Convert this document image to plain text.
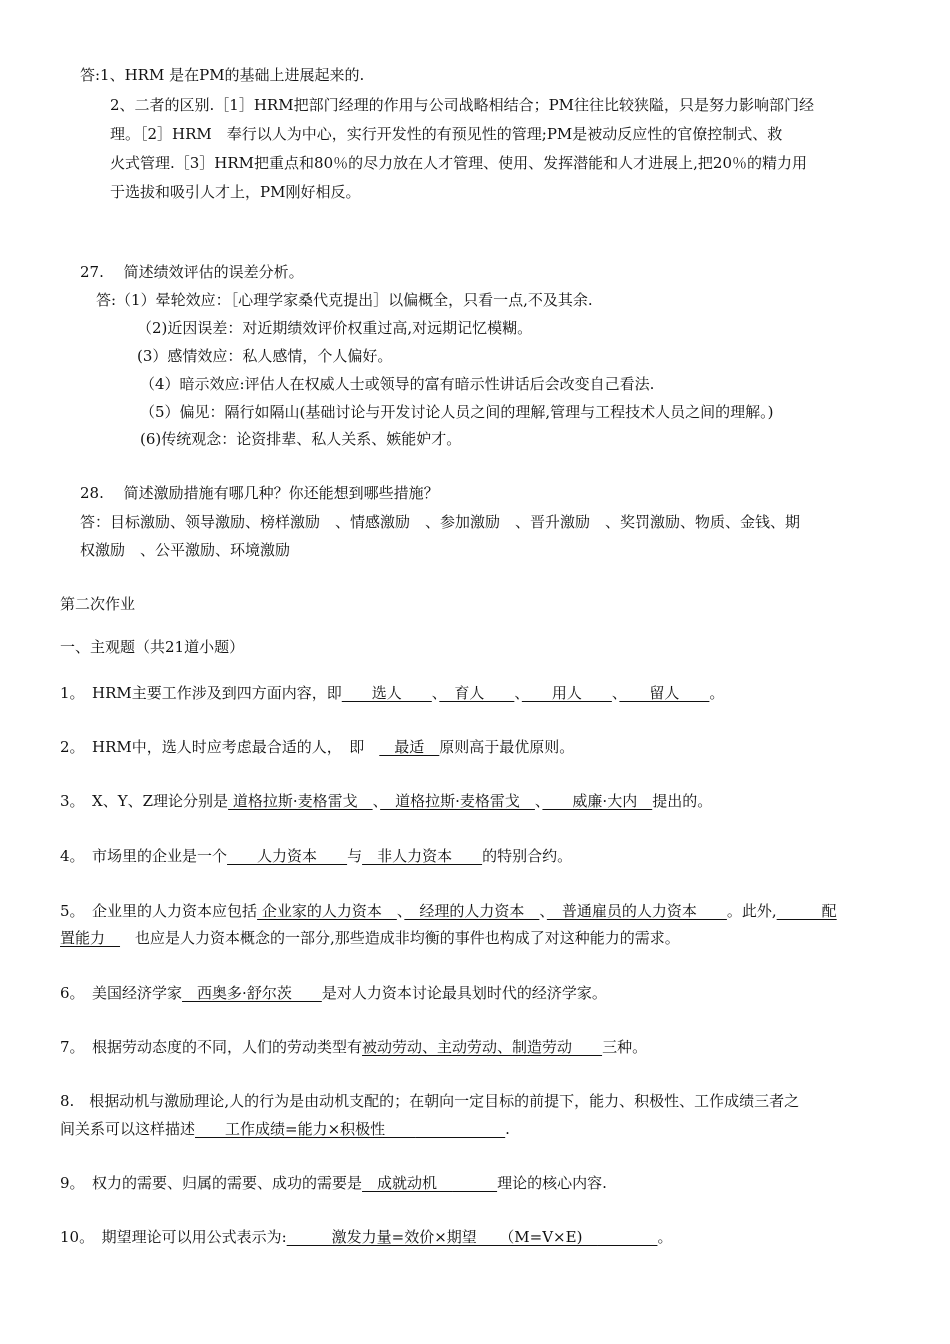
答:1、HRM 是在PM的基础上进展起来的.
2、二者的区别.［1］HRM把部门经理的作用与公司战略相结合；PM往往比较狭隘，只是努力影响部门经
理。［2］HRM　奉行以人为中心，实行开发性的有预见性的管理;PM是被动反应性的官僚控制式、救
火式管理.［3］HRM把重点和80％的尽力放在人才管理、使用、发挥潜能和人才进展上,把20％的精力用
于选拔和吸引人才上，PM刚好相反。
27.　 简述绩效评估的误差分析。
答:（1）晕轮效应：［心理学家桑代克提出］以偏概全，只看一点,不及其余.
（2)近因误差：对近期绩效评价权重过高,对远期记忆模糊。
(3）感情效应：私人感情，个人偏好。
（4）暗示效应:评估人在权威人士或领导的富有暗示性讲话后会改变自己看法.
（5）偏见：隔行如隔山(基础讨论与开发讨论人员之间的理解,管理与工程技术人员之间的理解。)
(6)传统观念：论资排辈、私人关系、嫉能妒才。
28.　 简述激励措施有哪几种？你还能想到哪些措施？
答：目标激励、领导激励、榜样激励　、情感激励　、参加激励　、晋升激励　、奖罚激励、物质、金钱、期
权激励　、公平激励、环境激励
第二次作业
一、主观题（共21道小题）
1。　HRM主要工作涉及到四方面内容，即　　选人　　、　育人　　、　　用人　　、　　留人　　。
2。　HRM中，选人时应考虑最合适的人，　即　　最适　原则高于最优原则。
3。　X、Y、Z理论分别是 道格拉斯·麦格雷戈　、　道格拉斯·麦格雷戈　、　　威廉·大内　提出的。
4。　市场里的企业是一个　　人力资本　　与　非人力资本　　的特别合约。
5。　企业里的人力资本应包括 企业家的人力资本　、　经理的人力资本　、　普通雇员的人力资本　　。此外,　　　配
置能力　　也应是人力资本概念的一部分,那些造成非均衡的事件也构成了对这种能力的需求。
6。　美国经济学家　西奥多·舒尔茨　　是对人力资本讨论最具划时代的经济学家。
7。　根据劳动态度的不同，人们的劳动类型有被动劳动、主动劳动、制造劳动　　三种。
8.　根据动机与激励理论,人的行为是由动机支配的；在朝向一定目标的前提下，能力、积极性、工作成绩三者之
间关系可以这样描述　　工作成绩=能力×积极性　　　　　　　　	.
9。　权力的需要、归属的需要、成功的需要是　成就动机　　　　	理论的核心内容.
10。　期望理论可以用公式表示为:　　　激发力量=效价×期望　　（M=V×E)　　　　　	。
